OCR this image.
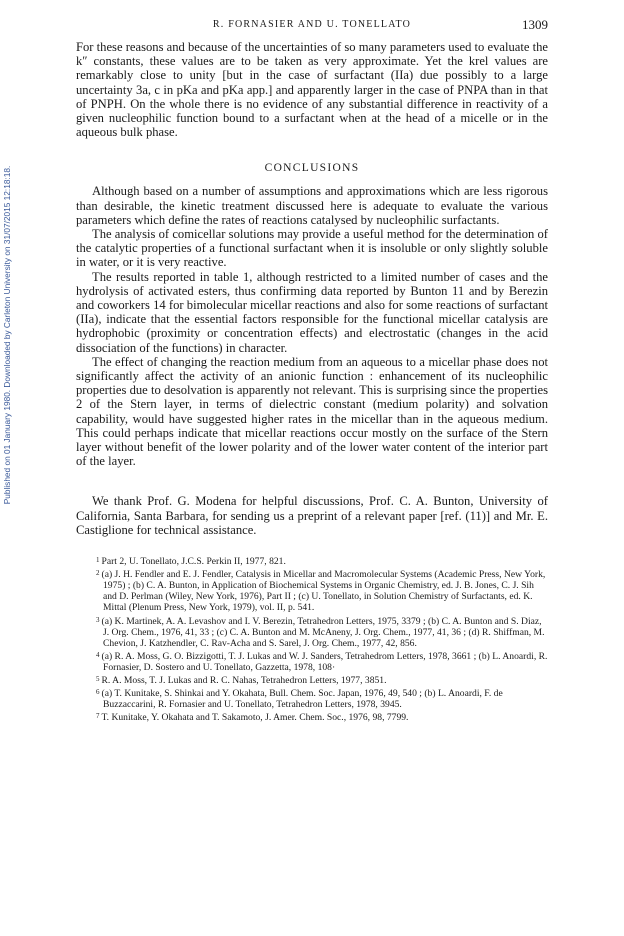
Published on 01 January 1980. Downloaded by Carleton University on 31/07/2015 12:18:18.
R. FORNASIER AND U. TONELLATO	1309

For these reasons and because of the uncertainties of so many parameters used to evaluate the k″ constants, these values are to be taken as very approximate. Yet the krel values are remarkably close to unity [but in the case of surfactant (IIa) due possibly to a large uncertainty 3a, c in pKa and pKa app.] and apparently larger in the case of PNPA than in that of PNPH. On the whole there is no evidence of any substantial difference in reactivity of a given nucleophilic function bound to a surfactant when at the head of a micelle or in the aqueous bulk phase.

CONCLUSIONS

Although based on a number of assumptions and approximations which are less rigorous than desirable, the kinetic treatment discussed here is adequate to evaluate the various parameters which define the rates of reactions catalysed by nucleophilic surfactants.

The analysis of comicellar solutions may provide a useful method for the determination of the catalytic properties of a functional surfactant when it is insoluble or only slightly soluble in water, or it is very reactive.

The results reported in table 1, although restricted to a limited number of cases and the hydrolysis of activated esters, thus confirming data reported by Bunton 11 and by Berezin and coworkers 14 for bimolecular micellar reactions and also for some reactions of surfactant (IIa), indicate that the essential factors responsible for the functional micellar catalysis are hydrophobic (proximity or concentration effects) and electrostatic (changes in the acid dissociation of the functions) in character.

The effect of changing the reaction medium from an aqueous to a micellar phase does not significantly affect the activity of an anionic function : enhancement of its nucleophilic properties due to desolvation is apparently not relevant. This is surprising since the properties 2 of the Stern layer, in terms of dielectric constant (medium polarity) and solvation capability, would have suggested higher rates in the micellar than in the aqueous medium. This could perhaps indicate that micellar reactions occur mostly on the surface of the Stern layer without benefit of the lower polarity and of the lower water content of the interior part of the layer.

We thank Prof. G. Modena for helpful discussions, Prof. C. A. Bunton, University of California, Santa Barbara, for sending us a preprint of a relevant paper [ref. (11)] and Mr. E. Castiglione for technical assistance.

$^1$ Part 2, U. Tonellato, J.C.S. Perkin II, 1977, 821.
$^2$ (a) J. H. Fendler and E. J. Fendler, Catalysis in Micellar and Macromolecular Systems (Academic Press, New York, 1975) ; (b) C. A. Bunton, in Application of Biochemical Systems in Organic Chemistry, ed. J. B. Jones, C. J. Sih and D. Perlman (Wiley, New York, 1976), Part II ; (c) U. Tonellato, in Solution Chemistry of Surfactants, ed. K. Mittal (Plenum Press, New York, 1979), vol. II, p. 541.
$^3$ (a) K. Martinek, A. A. Levashov and I. V. Berezin, Tetrahedron Letters, 1975, 3379 ; (b) C. A. Bunton and S. Diaz, J. Org. Chem., 1976, 41, 33 ; (c) C. A. Bunton and M. McAneny, J. Org. Chem., 1977, 41, 36 ; (d) R. Shiffman, M. Chevion, J. Katzhendler, C. Rav-Acha and S. Sarel, J. Org. Chem., 1977, 42, 856.
$^4$ (a) R. A. Moss, G. O. Bizzigotti, T. J. Lukas and W. J. Sanders, Tetrahedrom Letters, 1978, 3661 ; (b) L. Anoardi, R. Fornasier, D. Sostero and U. Tonellato, Gazzetta, 1978, 108·
$^5$ R. A. Moss, T. J. Lukas and R. C. Nahas, Tetrahedron Letters, 1977, 3851.
$^6$ (a) T. Kunitake, S. Shinkai and Y. Okahata, Bull. Chem. Soc. Japan, 1976, 49, 540 ; (b) L. Anoardi, F. de Buzzaccarini, R. Fornasier and U. Tonellato, Tetrahedron Letters, 1978, 3945.
$^7$ T. Kunitake, Y. Okahata and T. Sakamoto, J. Amer. Chem. Soc., 1976, 98, 7799.
